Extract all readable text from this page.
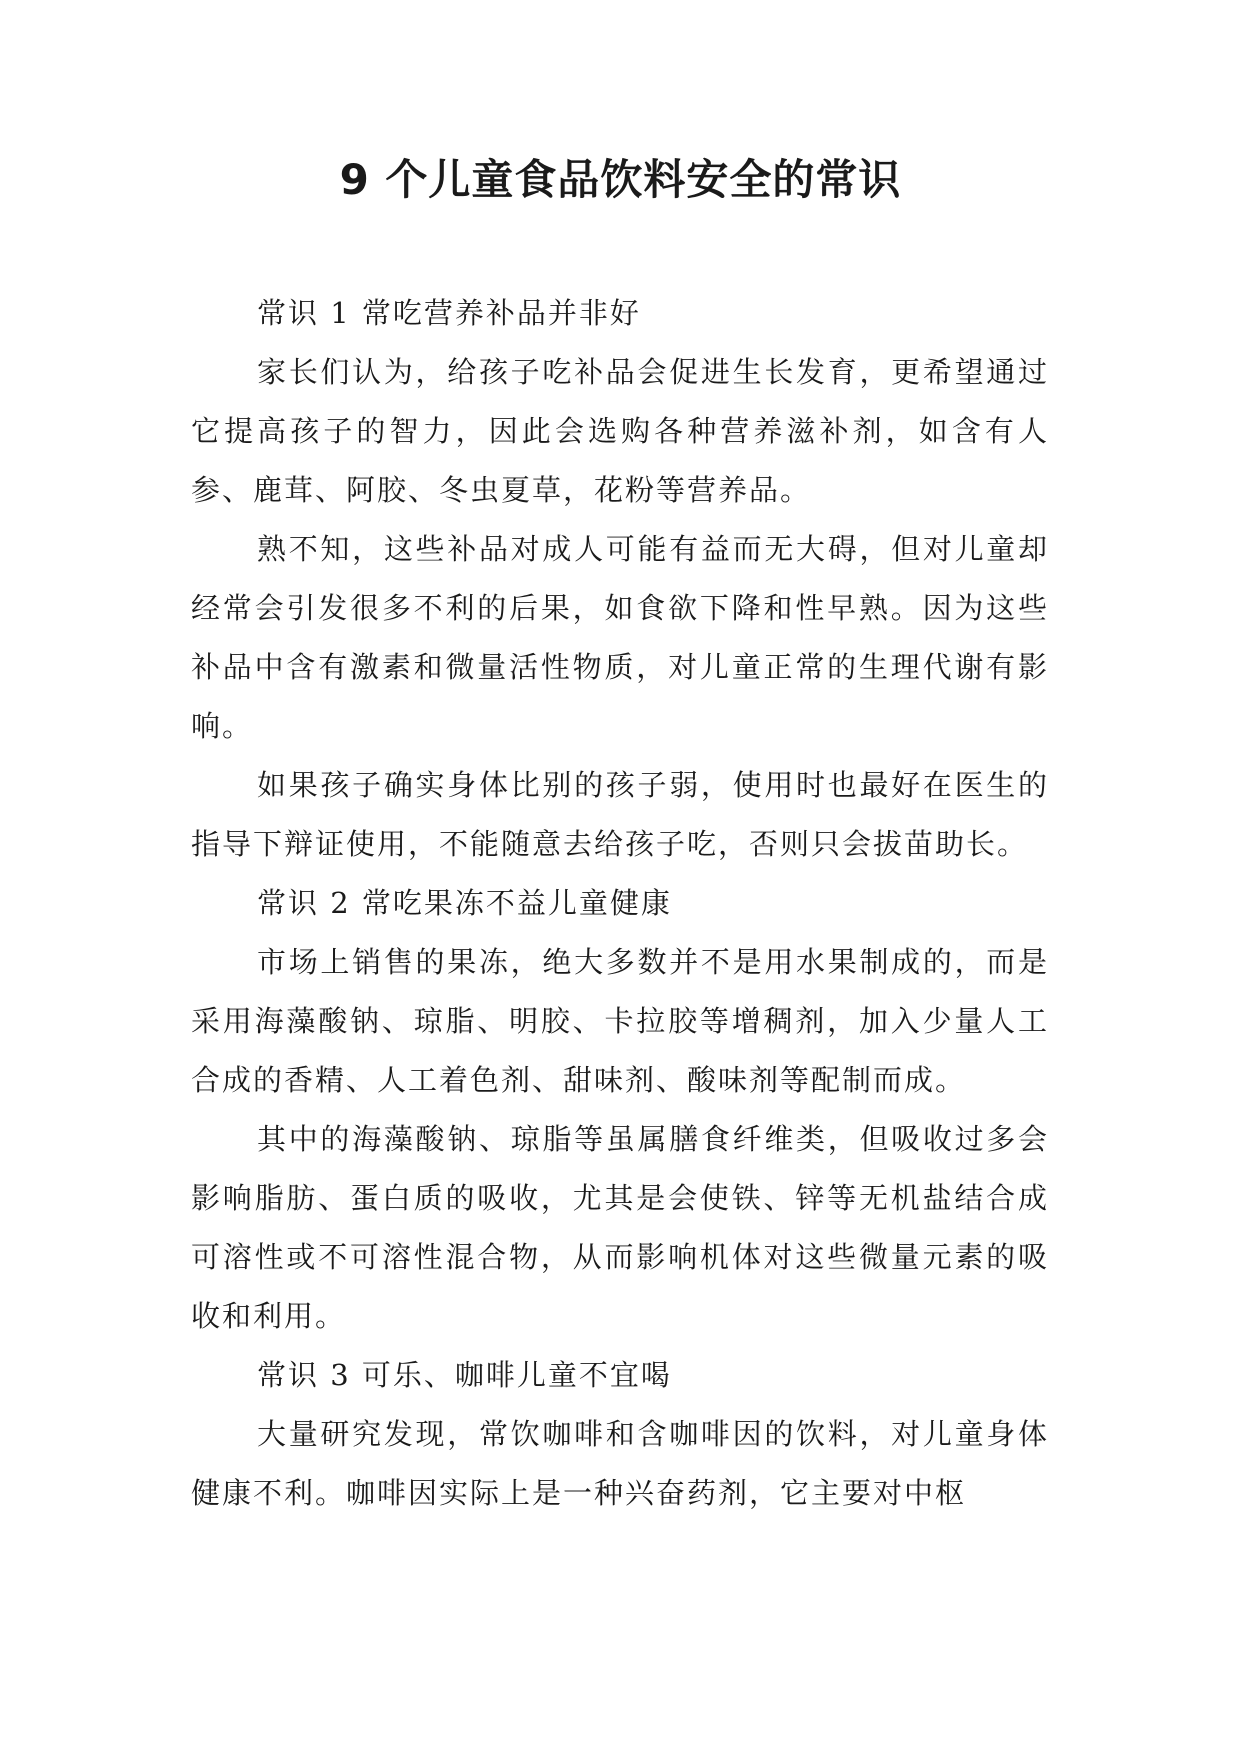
9 个儿童食品饮料安全的常识

常识 1 常吃营养补品并非好

家长们认为，给孩子吃补品会促进生长发育，更希望通过它提高孩子的智力，因此会选购各种营养滋补剂，如含有人参、鹿茸、阿胶、冬虫夏草，花粉等营养品。

熟不知，这些补品对成人可能有益而无大碍，但对儿童却经常会引发很多不利的后果，如食欲下降和性早熟。因为这些补品中含有激素和微量活性物质，对儿童正常的生理代谢有影响。

如果孩子确实身体比别的孩子弱，使用时也最好在医生的指导下辩证使用，不能随意去给孩子吃，否则只会拔苗助长。

常识 2 常吃果冻不益儿童健康

市场上销售的果冻，绝大多数并不是用水果制成的，而是采用海藻酸钠、琼脂、明胶、卡拉胶等增稠剂，加入少量人工合成的香精、人工着色剂、甜味剂、酸味剂等配制而成。

其中的海藻酸钠、琼脂等虽属膳食纤维类，但吸收过多会影响脂肪、蛋白质的吸收，尤其是会使铁、锌等无机盐结合成可溶性或不可溶性混合物，从而影响机体对这些微量元素的吸收和利用。

常识 3 可乐、咖啡儿童不宜喝

大量研究发现，常饮咖啡和含咖啡因的饮料，对儿童身体健康不利。咖啡因实际上是一种兴奋药剂，它主要对中枢
